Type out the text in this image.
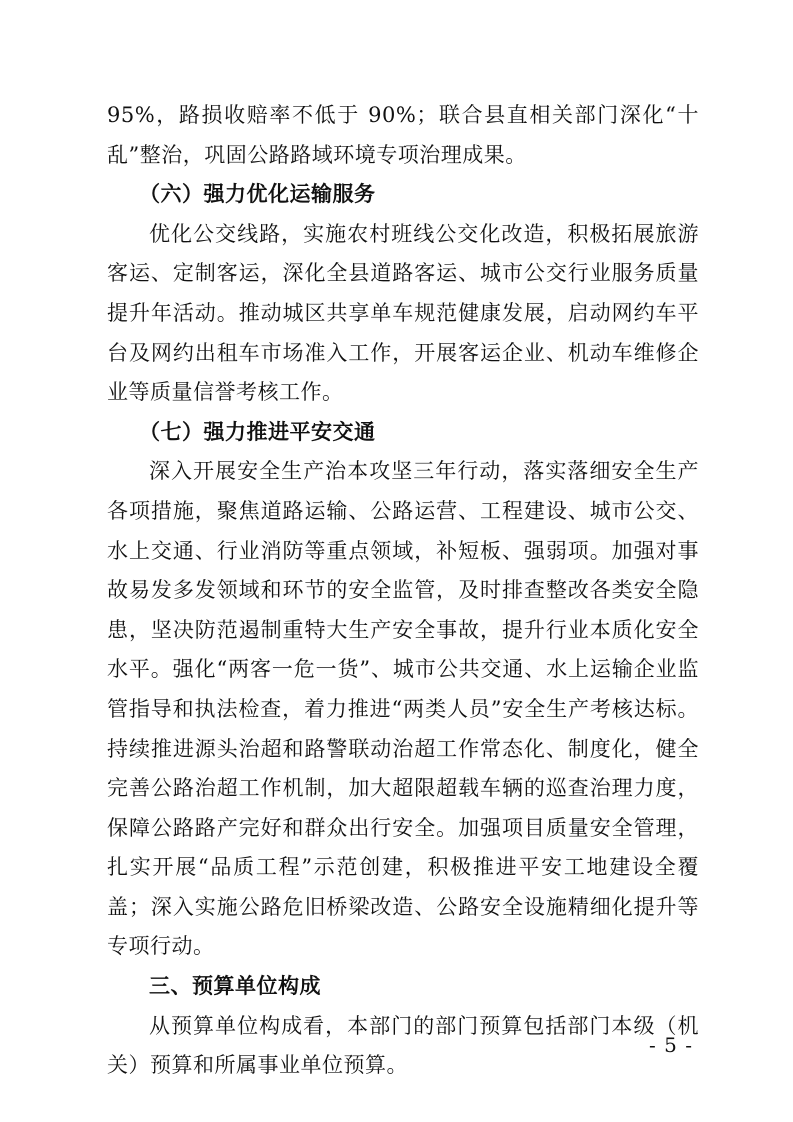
95%，路损收赔率不低于 90%；联合县直相关部门深化“十乱”整治，巩固公路路域环境专项治理成果。

（六）强力优化运输服务

优化公交线路，实施农村班线公交化改造，积极拓展旅游客运、定制客运，深化全县道路客运、城市公交行业服务质量提升年活动。推动城区共享单车规范健康发展，启动网约车平台及网约出租车市场准入工作，开展客运企业、机动车维修企业等质量信誉考核工作。

（七）强力推进平安交通

深入开展安全生产治本攻坚三年行动，落实落细安全生产各项措施，聚焦道路运输、公路运营、工程建设、城市公交、水上交通、行业消防等重点领域，补短板、强弱项。加强对事故易发多发领域和环节的安全监管，及时排查整改各类安全隐患，坚决防范遏制重特大生产安全事故，提升行业本质化安全水平。强化“两客一危一货”、城市公共交通、水上运输企业监管指导和执法检查，着力推进“两类人员”安全生产考核达标。持续推进源头治超和路警联动治超工作常态化、制度化，健全完善公路治超工作机制，加大超限超载车辆的巡查治理力度，保障公路路产完好和群众出行安全。加强项目质量安全管理，扎实开展“品质工程”示范创建，积极推进平安工地建设全覆盖；深入实施公路危旧桥梁改造、公路安全设施精细化提升等专项行动。

三、预算单位构成

从预算单位构成看，本部门的部门预算包括部门本级（机关）预算和所属事业单位预算。

- 5 -
